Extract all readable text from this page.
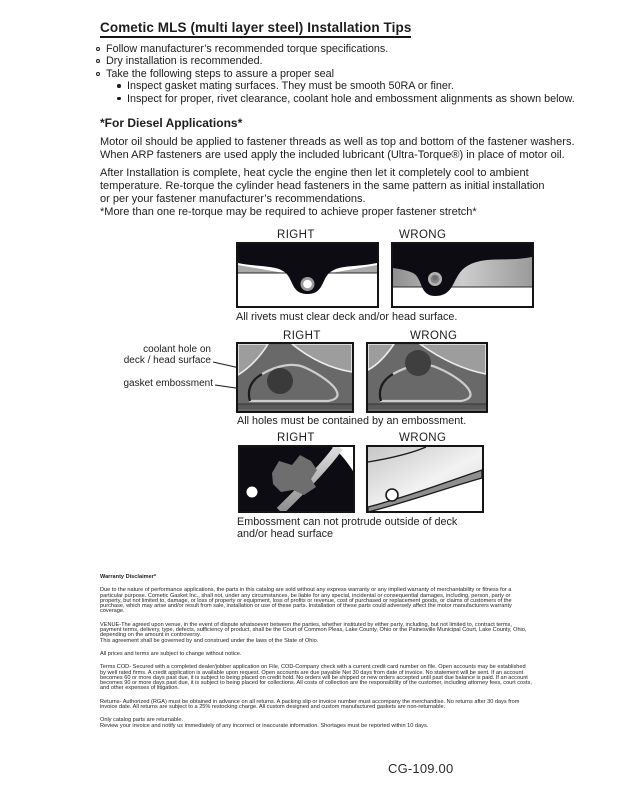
Cometic MLS (multi layer steel) Installation Tips
Follow manufacturer’s recommended torque specifications.
Dry installation is recommended.
Take the following steps to assure a proper seal
Inspect gasket mating surfaces. They must be smooth 50RA or finer.
Inspect for proper, rivet clearance, coolant hole and embossment alignments as shown below.
*For Diesel Applications*
Motor oil should be applied to fastener threads as well as top and bottom of the fastener washers.
When ARP fasteners are used apply the included lubricant (Ultra-Torque®) in place of motor oil.
After Installation is complete, heat cycle the engine then let it completely cool to ambient
temperature. Re-torque the cylinder head fasteners in the same pattern as initial installation
or per your fastener manufacturer’s recommendations.
*More than one re-torque may be required to achieve proper fastener stretch*
RIGHT	WRONG
All rivets must clear deck and/or head surface.
RIGHT	WRONG
coolant hole on
deck / head surface
gasket embossment
All holes must be contained by an embossment.
RIGHT	WRONG
Embossment can not protrude outside of deck
and/or head surface

Warranty Disclaimer*

Due to the nature of performance applications, the parts in this catalog are sold without any express warranty or any implied warranty of merchantability or fitness for a particular purpose. Cometic Gasket Inc., shall not, under any circumstances, be liable for any special, incidental or consequential damages, including, person, party or property, but not limited to, damage, or loss of property or equipment, loss of profits or revenue, cost of purchased or replacement goods, or claims of customers of the purchase, which may arise and/or result from sale, installation or use of these parts. Installation of these parts could adversely affect the motor manufacturers warranty coverage.

VENUE-The agreed upon venue, in the event of dispute whatsoever between the parties, whether instituted by either party, including, but not limited to, contract terms, payment terms, delivery, type, defects, sufficiency of product, shall be the Court of Common Pleas, Lake County, Ohio or the Painesville Municipal Court, Lake County, Ohio, depending on the amount in controversy.

This agreement shall be governed by and construed under the laws of the State of Ohio.

All prices and terms are subject to change without notice.

Terms COD- Secured with a completed dealer/jobber application on File, COD-Company check with a current credit card number on file. Open accounts may be established by well rated firms. A credit application is available upon request. Open accounts are due payable Net 30 days from date of invoice. No statement will be sent. If an account becomes 60 or more days past due, it is subject to being placed on credit hold. No orders will be shipped or new orders accepted until past due balance is paid. If an account becomes 90 or more days past due, it is subject to being placed for collections. All costs of collection are the responsibility of the customer, including attorney fees, court costs, and other expenses of litigation.

Returns- Authorized (RGA) must be obtained in advance on all returns. A packing slip or invoice number must accompany the merchandise. No returns after 30 days from invoice date. All returns are subject to a 25% restocking charge. All custom designed and custom manufactured gaskets are non-returnable.

Only catalog parts are returnable.

Review your invoice and notify us immediately of any incorrect or inaccurate information. Shortages must be reported within 10 days.

CG-109.00
